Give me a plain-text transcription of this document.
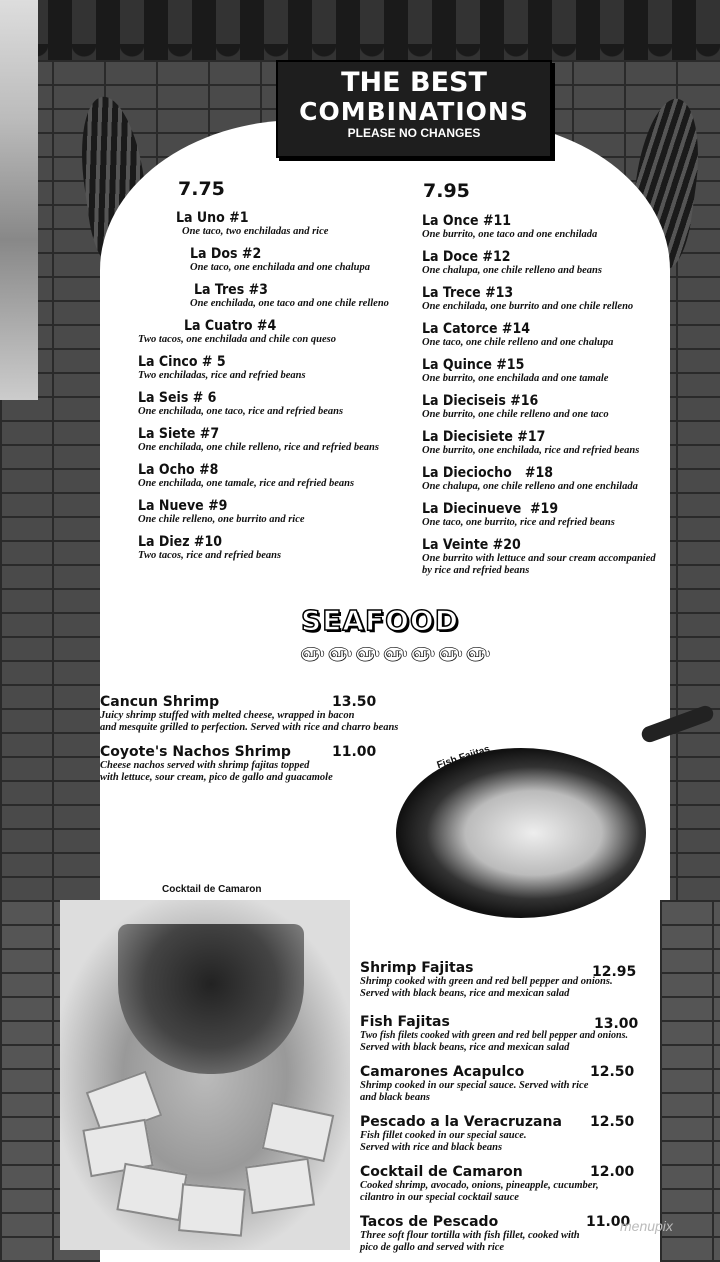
THE BEST
COMBINATIONS
PLEASE NO CHANGES
7.75
La Uno #1
One taco, two enchiladas and rice
La Dos #2
One taco, one enchilada and one chalupa
La Tres #3
One enchilada, one taco and one chile relleno
La Cuatro #4
Two tacos, one enchilada and chile con queso
La Cinco # 5
Two enchiladas, rice and refried beans
La Seis # 6
One enchilada, one taco, rice and refried beans
La Siete #7
One enchilada, one chile relleno, rice and refried beans
La Ocho #8
One enchilada, one tamale, rice and refried beans
La Nueve #9
One chile relleno, one burrito and rice
La Diez #10
Two tacos, rice and refried beans
7.95
La Once #11
One burrito, one taco and one enchilada
La Doce #12
One chalupa, one chile relleno and beans
La Trece #13
One enchilada, one burrito and one chile relleno
La Catorce #14
One taco, one chile relleno and one chalupa
La Quince #15
One burrito, one enchilada and one tamale
La Dieciseis #16
One burrito, one chile relleno and one taco
La Diecisiete #17
One burrito, one enchilada, rice and refried beans
La Dieciocho   #18
One chalupa, one chile relleno and one enchilada
La Diecinueve  #19
One taco, one burrito, rice and refried beans
La Veinte #20
One burrito with lettuce and sour cream accompanied
by rice and refried beans
SEAFOOD
௵௵௵௵௵௵௵
Cancun Shrimp	13.50
Juicy shrimp stuffed with melted cheese, wrapped in bacon
and mesquite grilled to perfection. Served with rice and charro beans
Coyote's Nachos Shrimp	11.00
Cheese nachos served with shrimp fajitas topped
with lettuce, sour cream, pico de gallo and guacamole
Fish Fajitas
Cocktail de Camaron
Shrimp Fajitas	12.95
Shrimp cooked with green and red bell pepper and onions.
Served with black beans, rice and mexican salad
Fish Fajitas	13.00
Two fish filets cooked with green and red bell pepper and onions.
Served with black beans, rice and mexican salad
Camarones Acapulco	12.50
Shrimp cooked in our special sauce. Served with rice
and black beans
Pescado a la Veracruzana	12.50
Fish fillet cooked in our special sauce.
Served with rice and black beans
Cocktail de Camaron	12.00
Cooked shrimp, avocado, onions, pineapple, cucumber,
cilantro in our special cocktail sauce
Tacos de Pescado	11.00
Three soft flour tortilla with fish fillet, cooked with
pico de gallo and served with rice
menupix
